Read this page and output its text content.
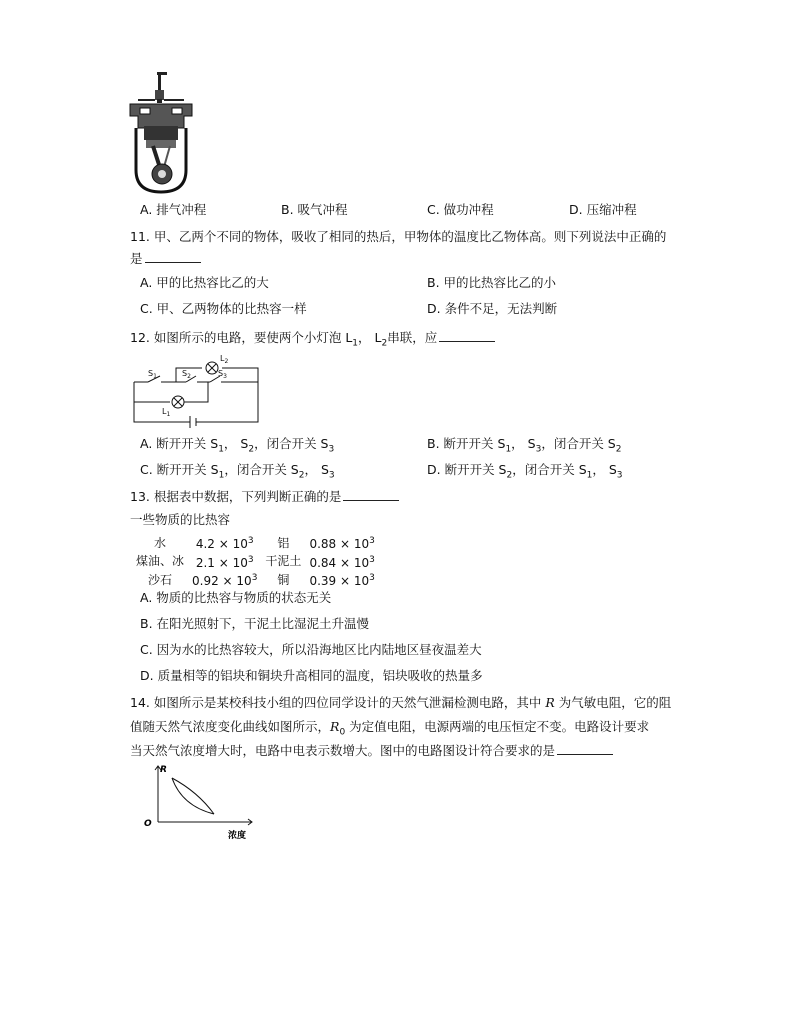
A. 排气冲程	B. 吸气冲程	C. 做功冲程	D. 压缩冲程
11. 甲、乙两个不同的物体，吸收了相同的热后，甲物体的温度比乙物体高。则下列说法中正确的
是
A. 甲的比热容比乙的大	B. 甲的比热容比乙的小
C. 甲、乙两物体的比热容一样	D. 条件不足，无法判断
12. 如图所示的电路，要使两个小灯泡 $L_1$， $L_2$串联，应
$S_1$	$S_2$	$S_3$
$L_2$
$L_1$
A. 断开开关 $S_1$， $S_2$，闭合开关 $S_3$	B. 断开开关 $S_1$， $S_3$，闭合开关 $S_2$
C. 断开开关 $S_1$，闭合开关 $S_2$， $S_3$	D. 断开开关 $S_2$，闭合开关 $S_1$， $S_3$
13. 根据表中数据，下列判断正确的是
一些物质的比热容
水	$4.2 \times 10^3$	铝	$0.88 \times 10^3$
煤油、冰	$2.1 \times 10^3$	干泥土	$0.84 \times 10^3$
沙石	$0.92 \times 10^3$	铜	$0.39 \times 10^3$
A. 物质的比热容与物质的状态无关
B. 在阳光照射下，干泥土比湿泥土升温慢
C. 因为水的比热容较大，所以沿海地区比内陆地区昼夜温差大
D. 质量相等的铝块和铜块升高相同的温度，铝块吸收的热量多
14. 如图所示是某校科技小组的四位同学设计的天然气泄漏检测电路，其中 R 为气敏电阻，它的阻
值随天然气浓度变化曲线如图所示，$R_0$ 为定值电阻，电源两端的电压恒定不变。电路设计要求
当天然气浓度增大时，电路中电表示数增大。图中的电路图设计符合要求的是
R
O
浓度
